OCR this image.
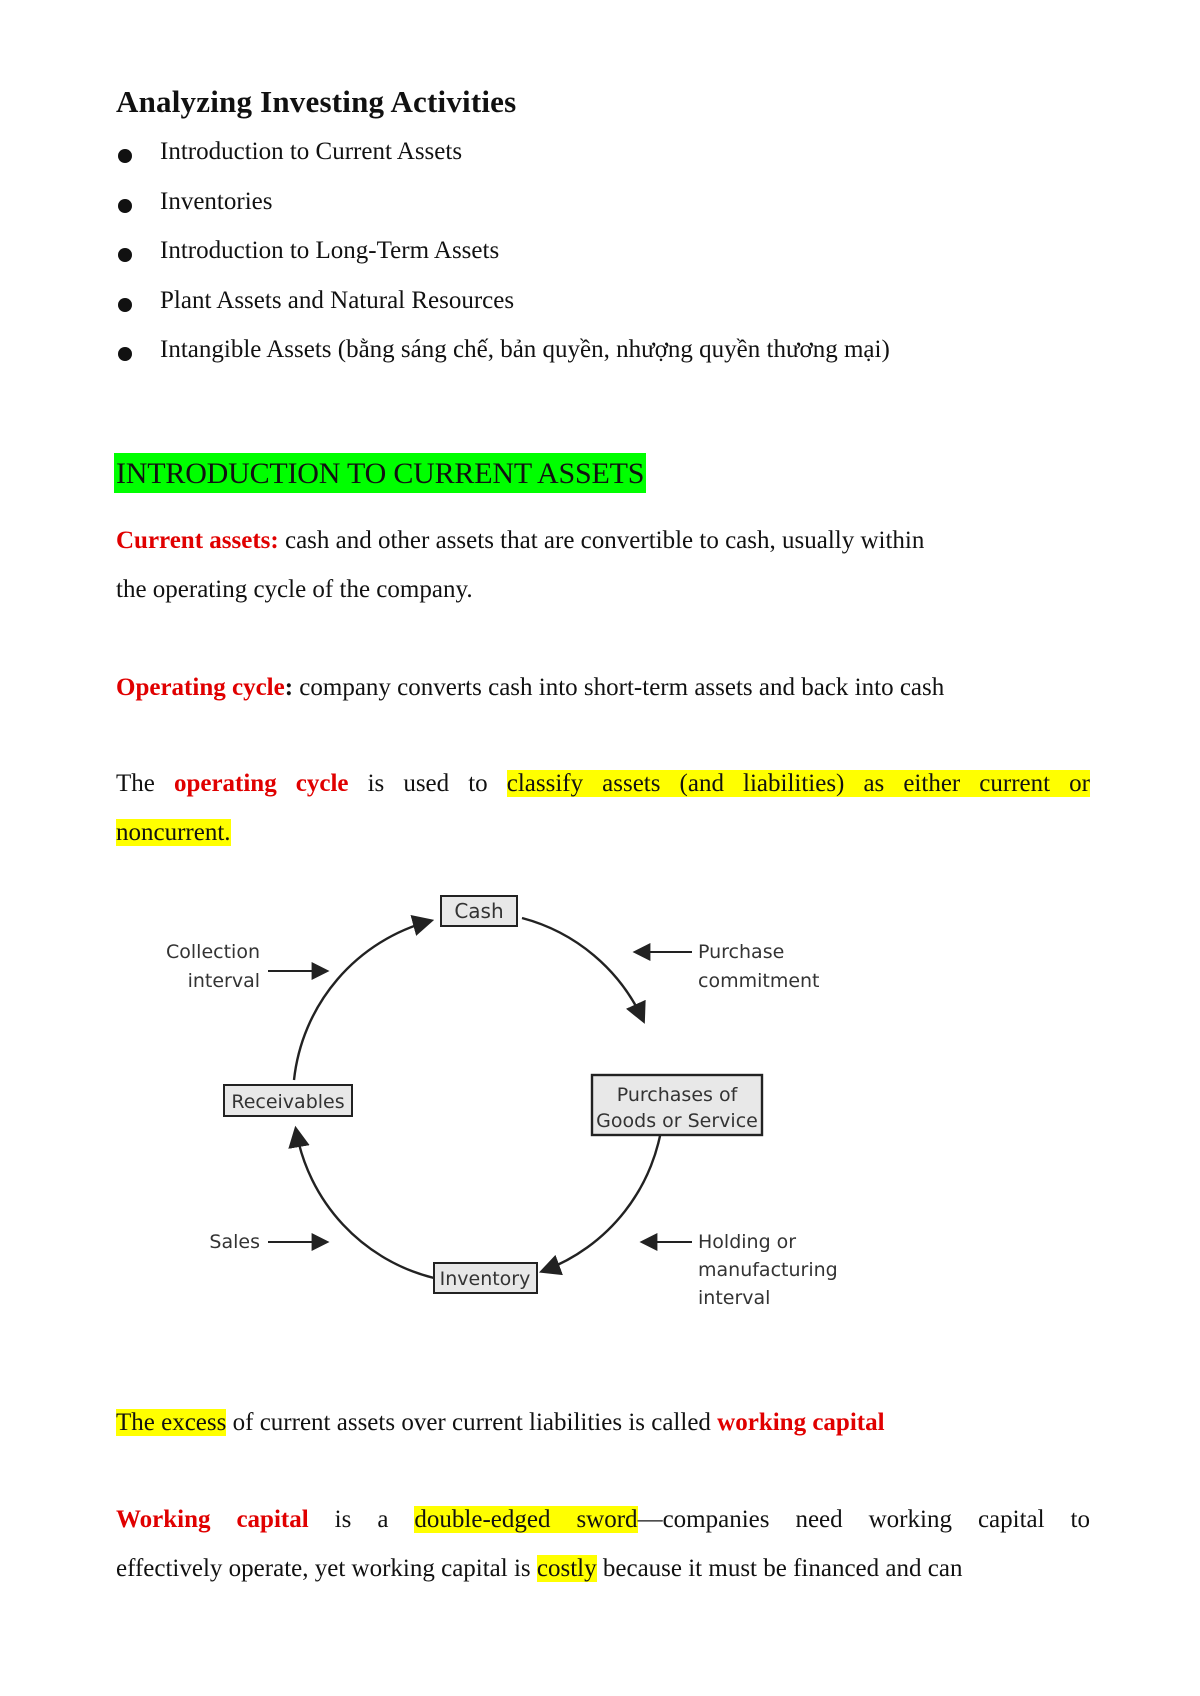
Analyzing Investing Activities
Introduction to Current Assets
Inventories
Introduction to Long-Term Assets
Plant Assets and Natural Resources
Intangible Assets (bằng sáng chế, bản quyền, nhượng quyền thương mại)
INTRODUCTION TO CURRENT ASSETS

Current assets: cash and other assets that are convertible to cash, usually within
the operating cycle of the company.

Operating cycle: company converts cash into short-term assets and back into cash

The operating cycle is used to classify assets (and liabilities) as either current or

noncurrent.

Cash
Purchases of
Goods or Service
Inventory
Receivables
Collection
interval
Purchase
commitment
Holding or
manufacturing
interval
Sales

The excess of current assets over current liabilities is called working capital

Working capital is a double-edged sword—companies need working capital to

effectively operate, yet working capital is costly because it must be financed and can
